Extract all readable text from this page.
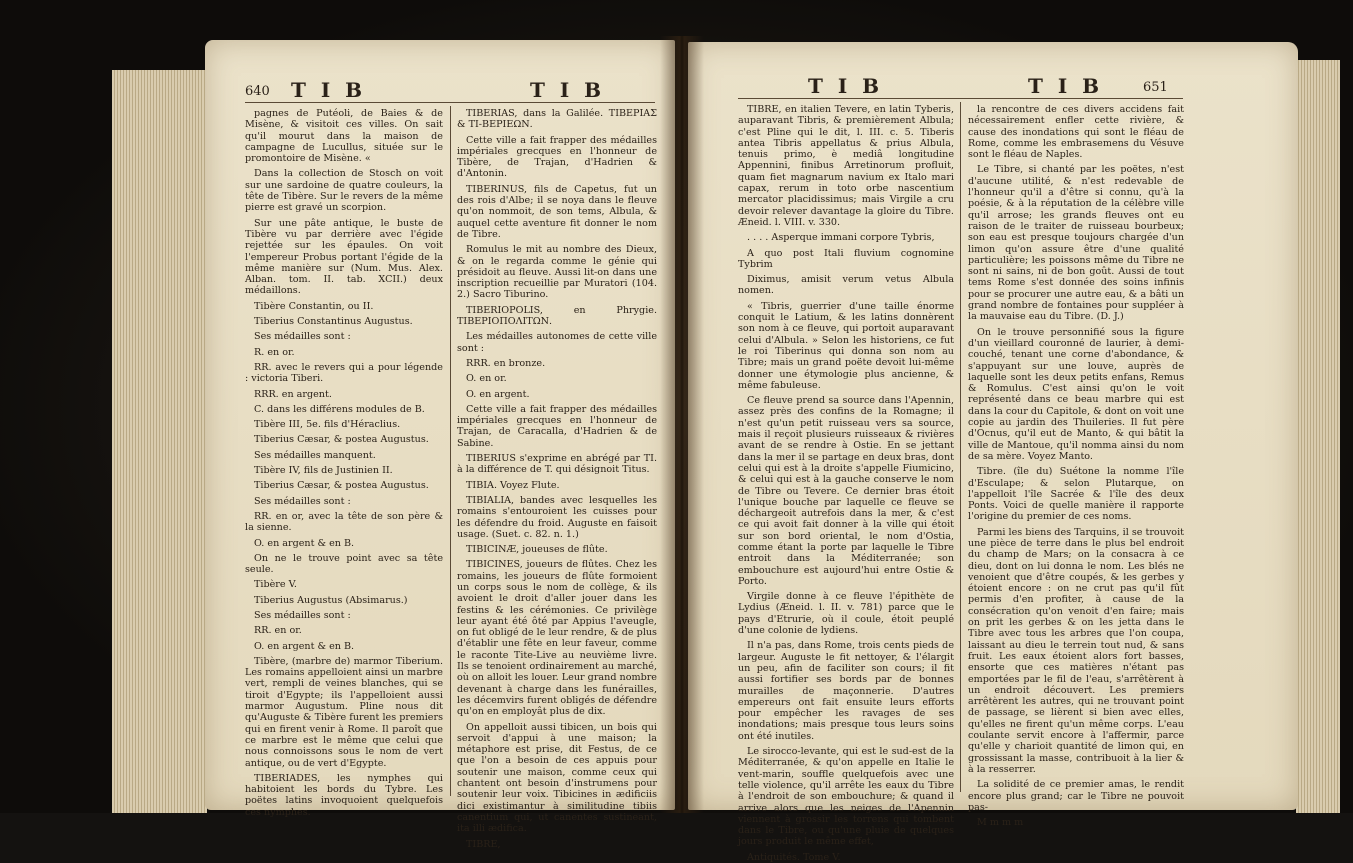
640 T I B	T I B

pagnes de Putéoli, de Baies & de Misène, & visitoit ces villes. On sait qu'il mourut dans la maison de campagne de Lucullus, située sur le promontoire de Misène. «

Dans la collection de Stosch on voit sur une sardoine de quatre couleurs, la tête de Tibère. Sur le revers de la même pierre est gravé un scorpion.

Sur une pâte antique, le buste de Tibère vu par derrière avec l'égide rejettée sur les épaules. On voit l'empereur Probus portant l'égide de la même manière sur (Num. Mus. Alex. Alban. tom. II. tab. XCII.) deux médaillons.

Tibère Constantin, ou II.

Tiberius Constantinus Augustus.

Ses médailles sont :

R. en or.

RR. avec le revers qui a pour légende : victoria Tiberi.

RRR. en argent.

C. dans les différens modules de B.

Tibère III, 5e. fils d'Héraclius.

Tiberius Cæsar, & postea Augustus.

Ses médailles manquent.

Tibère IV, fils de Justinien II.

Tiberius Cæsar, & postea Augustus.

Ses médailles sont :

RR. en or, avec la tête de son père & la sienne.

O. en argent & en B.

On ne le trouve point avec sa tête seule.

Tibère V.

Tiberius Augustus (Absimarus.)

Ses médailles sont :

RR. en or.

O. en argent & en B.

Tibère, (marbre de) marmor Tiberium. Les romains appelloient ainsi un marbre vert, rempli de veines blanches, qui se tiroit d'Egypte; ils l'appelloient aussi marmor Augustum. Pline nous dit qu'Auguste & Tibère furent les premiers qui en firent venir à Rome. Il paroît que ce marbre est le même que celui que nous connoissons sous le nom de vert antique, ou de vert d'Egypte.

TIBERIADES, les nymphes qui habitoient les bords du Tybre. Les poëtes latins invoquoient quelquefois ces nymphes.

TIBERIAS, dans la Galilée. ΤΙΒΕΡΙΑΣ & ΤΙ-ΒΕΡΙΕΩΝ.

Cette ville a fait frapper des médailles impériales grecques en l'honneur de Tibère, de Trajan, d'Hadrien & d'Antonin.

TIBERINUS, fils de Capetus, fut un des rois d'Albe; il se noya dans le fleuve qu'on nommoit, de son tems, Albula, & auquel cette aventure fit donner le nom de Tibre.

Romulus le mit au nombre des Dieux, & on le regarda comme le génie qui présidoit au fleuve. Aussi lit-on dans une inscription recueillie par Muratori (104. 2.) Sacro Tiburino.

TIBERIOPOLIS, en Phrygie. ΤΙΒΕΡΙΟΠΟΛΙΤΩΝ.

Les médailles autonomes de cette ville sont :

RRR. en bronze.

O. en or.

O. en argent.

Cette ville a fait frapper des médailles impériales grecques en l'honneur de Trajan, de Caracalla, d'Hadrien & de Sabine.

TIBERIUS s'exprime en abrégé par TI. à la différence de T. qui désignoit Titus.

TIBIA. Voyez Flute.

TIBIALIA, bandes avec lesquelles les romains s'entouroient les cuisses pour les défendre du froid. Auguste en faisoit usage. (Suet. c. 82. n. 1.)

TIBICINÆ, joueuses de flûte.

TIBICINES, joueurs de flûtes. Chez les romains, les joueurs de flûte formoient un corps sous le nom de collège, & ils avoient le droit d'aller jouer dans les festins & les cérémonies. Ce privilège leur ayant été ôté par Appius l'aveugle, on fut obligé de le leur rendre, & de plus d'établir une fête en leur faveur, comme le raconte Tite-Live au neuvième livre. Ils se tenoient ordinairement au marché, où on alloit les louer. Leur grand nombre devenant à charge dans les funérailles, les décemvirs furent obligés de défendre qu'on en employât plus de dix.

On appelloit aussi tibicen, un bois qui servoit d'appui à une maison; la métaphore est prise, dit Festus, de ce que l'on a besoin de ces appuis pour soutenir une maison, comme ceux qui chantent ont besoin d'instrumens pour soutenir leur voix. Tibicines in ædificiis dici existimantur à similitudine tibiis canentium qui, ut canentes sustineant, ita illi ædifica.

TIBRE,

T I B	T I B	651

TIBRE, en italien Tevere, en latin Tyberis, auparavant Tibris, & premièrement Albula; c'est Pline qui le dit, l. III. c. 5. Tiberis antea Tibris appellatus & prius Albula, tenuis primo, è mediâ longitudine Appennini, finibus Arretinorum profluit, quam fiet magnarum navium ex Italo mari capax, rerum in toto orbe nascentium mercator placidissimus; mais Virgile a cru devoir relever davantage la gloire du Tibre. Æneid. l. VIII. v. 330.

. . . . Asperque immani corpore Tybris,

A quo post Itali fluvium cognomine Tybrim

Diximus, amisit verum vetus Albula nomen.

« Tibris, guerrier d'une taille énorme conquit le Latium, & les latins donnèrent son nom à ce fleuve, qui portoit auparavant celui d'Albula. » Selon les historiens, ce fut le roi Tiberinus qui donna son nom au Tibre; mais un grand poëte devoit lui-même donner une étymologie plus ancienne, & même fabuleuse.

Ce fleuve prend sa source dans l'Apennin, assez près des confins de la Romagne; il n'est qu'un petit ruisseau vers sa source, mais il reçoit plusieurs ruisseaux & rivières avant de se rendre à Ostie. En se jettant dans la mer il se partage en deux bras, dont celui qui est à la droite s'appelle Fiumicino, & celui qui est à la gauche conserve le nom de Tibre ou Tevere. Ce dernier bras étoit l'unique bouche par laquelle ce fleuve se déchargeoit autrefois dans la mer, & c'est ce qui avoit fait donner à la ville qui étoit sur son bord oriental, le nom d'Ostia, comme étant la porte par laquelle le Tibre entroit dans la Méditerranée; son embouchure est aujourd'hui entre Ostie & Porto.

Virgile donne à ce fleuve l'épithète de Lydius (Æneid. l. II. v. 781) parce que le pays d'Etrurie, où il coule, étoit peuplé d'une colonie de lydiens.

Il n'a pas, dans Rome, trois cents pieds de largeur. Auguste le fit nettoyer, & l'élargit un peu, afin de faciliter son cours; il fit aussi fortifier ses bords par de bonnes murailles de maçonnerie. D'autres empereurs ont fait ensuite leurs efforts pour empêcher les ravages de ses inondations; mais presque tous leurs soins ont été inutiles.

Le sirocco-levante, qui est le sud-est de la Méditerranée, & qu'on appelle en Italie le vent-marin, souffle quelquefois avec une telle violence, qu'il arrête les eaux du Tibre à l'endroit de son embouchure; & quand il arrive alors que les neiges de l'Apennin viennent à grossir les torrens qui tombent dans le Tibre, ou qu'une pluie de quelques jours produit le même effet,

Antiquités. Tome V.

la rencontre de ces divers accidens fait nécessairement enfler cette rivière, & cause des inondations qui sont le fléau de Rome, comme les embrasemens du Vésuve sont le fléau de Naples.

Le Tibre, si chanté par les poëtes, n'est d'aucune utilité, & n'est redevable de l'honneur qu'il a d'être si connu, qu'à la poésie, & à la réputation de la célèbre ville qu'il arrose; les grands fleuves ont eu raison de le traiter de ruisseau bourbeux; son eau est presque toujours chargée d'un limon qu'on assure être d'une qualité particulière; les poissons même du Tibre ne sont ni sains, ni de bon goût. Aussi de tout tems Rome s'est donnée des soins infinis pour se procurer une autre eau, & a bâti un grand nombre de fontaines pour suppléer à la mauvaise eau du Tibre. (D. J.)

On le trouve personnifié sous la figure d'un vieillard couronné de laurier, à demi-couché, tenant une corne d'abondance, & s'appuyant sur une louve, auprès de laquelle sont les deux petits enfans, Remus & Romulus. C'est ainsi qu'on le voit représenté dans ce beau marbre qui est dans la cour du Capitole, & dont on voit une copie au jardin des Thuileries. Il fut père d'Ocnus, qu'il eut de Manto, & qui bâtit la ville de Mantoue, qu'il nomma ainsi du nom de sa mère. Voyez Manto.

Tibre. (île du) Suétone la nomme l'île d'Esculape; & selon Plutarque, on l'appelloit l'île Sacrée & l'île des deux Ponts. Voici de quelle manière il rapporte l'origine du premier de ces noms.

Parmi les biens des Tarquins, il se trouvoit une pièce de terre dans le plus bel endroit du champ de Mars; on la consacra à ce dieu, dont on lui donna le nom. Les blés ne venoient que d'être coupés, & les gerbes y étoient encore : on ne crut pas qu'il fût permis d'en profiter, à cause de la consécration qu'on venoit d'en faire; mais on prit les gerbes & on les jetta dans le Tibre avec tous les arbres que l'on coupa, laissant au dieu le terrein tout nud, & sans fruit. Les eaux étoient alors fort basses, ensorte que ces matières n'étant pas emportées par le fil de l'eau, s'arrêtèrent à un endroit découvert. Les premiers arrêtèrent les autres, qui ne trouvant point de passage, se lièrent si bien avec elles, qu'elles ne firent qu'un même corps. L'eau coulante servit encore à l'affermir, parce qu'elle y charioit quantité de limon qui, en grossissant la masse, contribuoit à la lier & à la resserrer.

La solidité de ce premier amas, le rendit encore plus grand; car le Tibre ne pouvoit pas-

M m m m
